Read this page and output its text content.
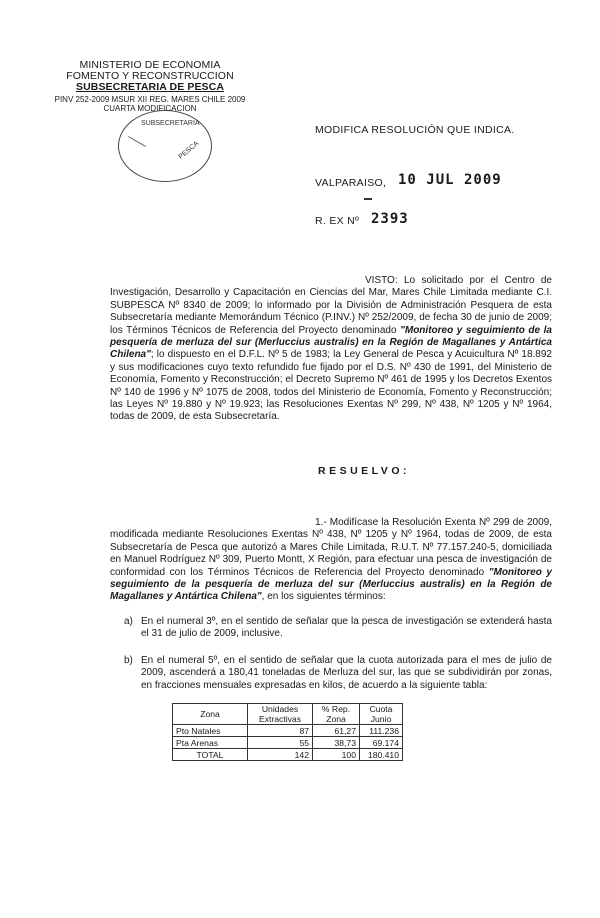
MINISTERIO DE ECONOMIA
FOMENTO Y RECONSTRUCCION
SUBSECRETARIA DE PESCA
PINV 252-2009 MSUR XII REG. MARES CHILE 2009
CUARTA MODIFICACION
SUBSECRETARIA
PESCA
MODIFICA RESOLUCIÓN QUE INDICA.
VALPARAISO, 10 JUL 2009
R. EX Nº 2393
VISTO: Lo solicitado por el Centro de Investigación, Desarrollo y Capacitación en Ciencias del Mar, Mares Chile Limitada mediante C.I. SUBPESCA Nº 8340 de 2009; lo informado por la División de Administración Pesquera de esta Subsecretaría mediante Memorándum Técnico (P.INV.) Nº 252/2009, de fecha 30 de junio de 2009; los Términos Técnicos de Referencia del Proyecto denominado "Monitoreo y seguimiento de la pesquería de merluza del sur (Merluccius australis) en la Región de Magallanes y Antártica Chilena"; lo dispuesto en el D.F.L. Nº 5 de 1983; la Ley General de Pesca y Acuicultura Nº 18.892 y sus modificaciones cuyo texto refundido fue fijado por el D.S. Nº 430 de 1991, del Ministerio de Economía, Fomento y Reconstrucción; el Decreto Supremo Nº 461 de 1995 y los Decretos Exentos Nº 140 de 1996 y Nº 1075 de 2008, todos del Ministerio de Economía, Fomento y Reconstrucción; las Leyes Nº 19.880 y Nº 19.923; las Resoluciones Exentas Nº 299, Nº 438, Nº 1205 y Nº 1964, todas de 2009, de esta Subsecretaría.
RESUELVO:
1.- Modifícase la Resolución Exenta Nº 299 de 2009, modificada mediante Resoluciones Exentas Nº 438, Nº 1205 y Nº 1964, todas de 2009, de esta Subsecretaría de Pesca que autorizó a Mares Chile Limitada, R.U.T. Nº 77.157.240-5, domiciliada en Manuel Rodríguez Nº 309, Puerto Montt, X Región, para efectuar una pesca de investigación de conformidad con los Términos Técnicos de Referencia del Proyecto denominado "Monitoreo y seguimiento de la pesquería de merluza del sur (Merluccius australis) en la Región de Magallanes y Antártica Chilena", en los siguientes términos:
a) En el numeral 3º, en el sentido de señalar que la pesca de investigación se extenderá hasta el 31 de julio de 2009, inclusive.
b) En el numeral 5º, en el sentido de señalar que la cuota autorizada para el mes de julio de 2009, ascenderá a 180,41 toneladas de Merluza del sur, las que se subdividirán por zonas, en fracciones mensuales expresadas en kilos, de acuerdo a la siguiente tabla:
Zona	Unidades Extractivas	% Rep. Zona	Cuota Junio
Pto Natales	87	61,27	111.236
Pta Arenas	55	38,73	69.174
TOTAL	142	100	180.410
